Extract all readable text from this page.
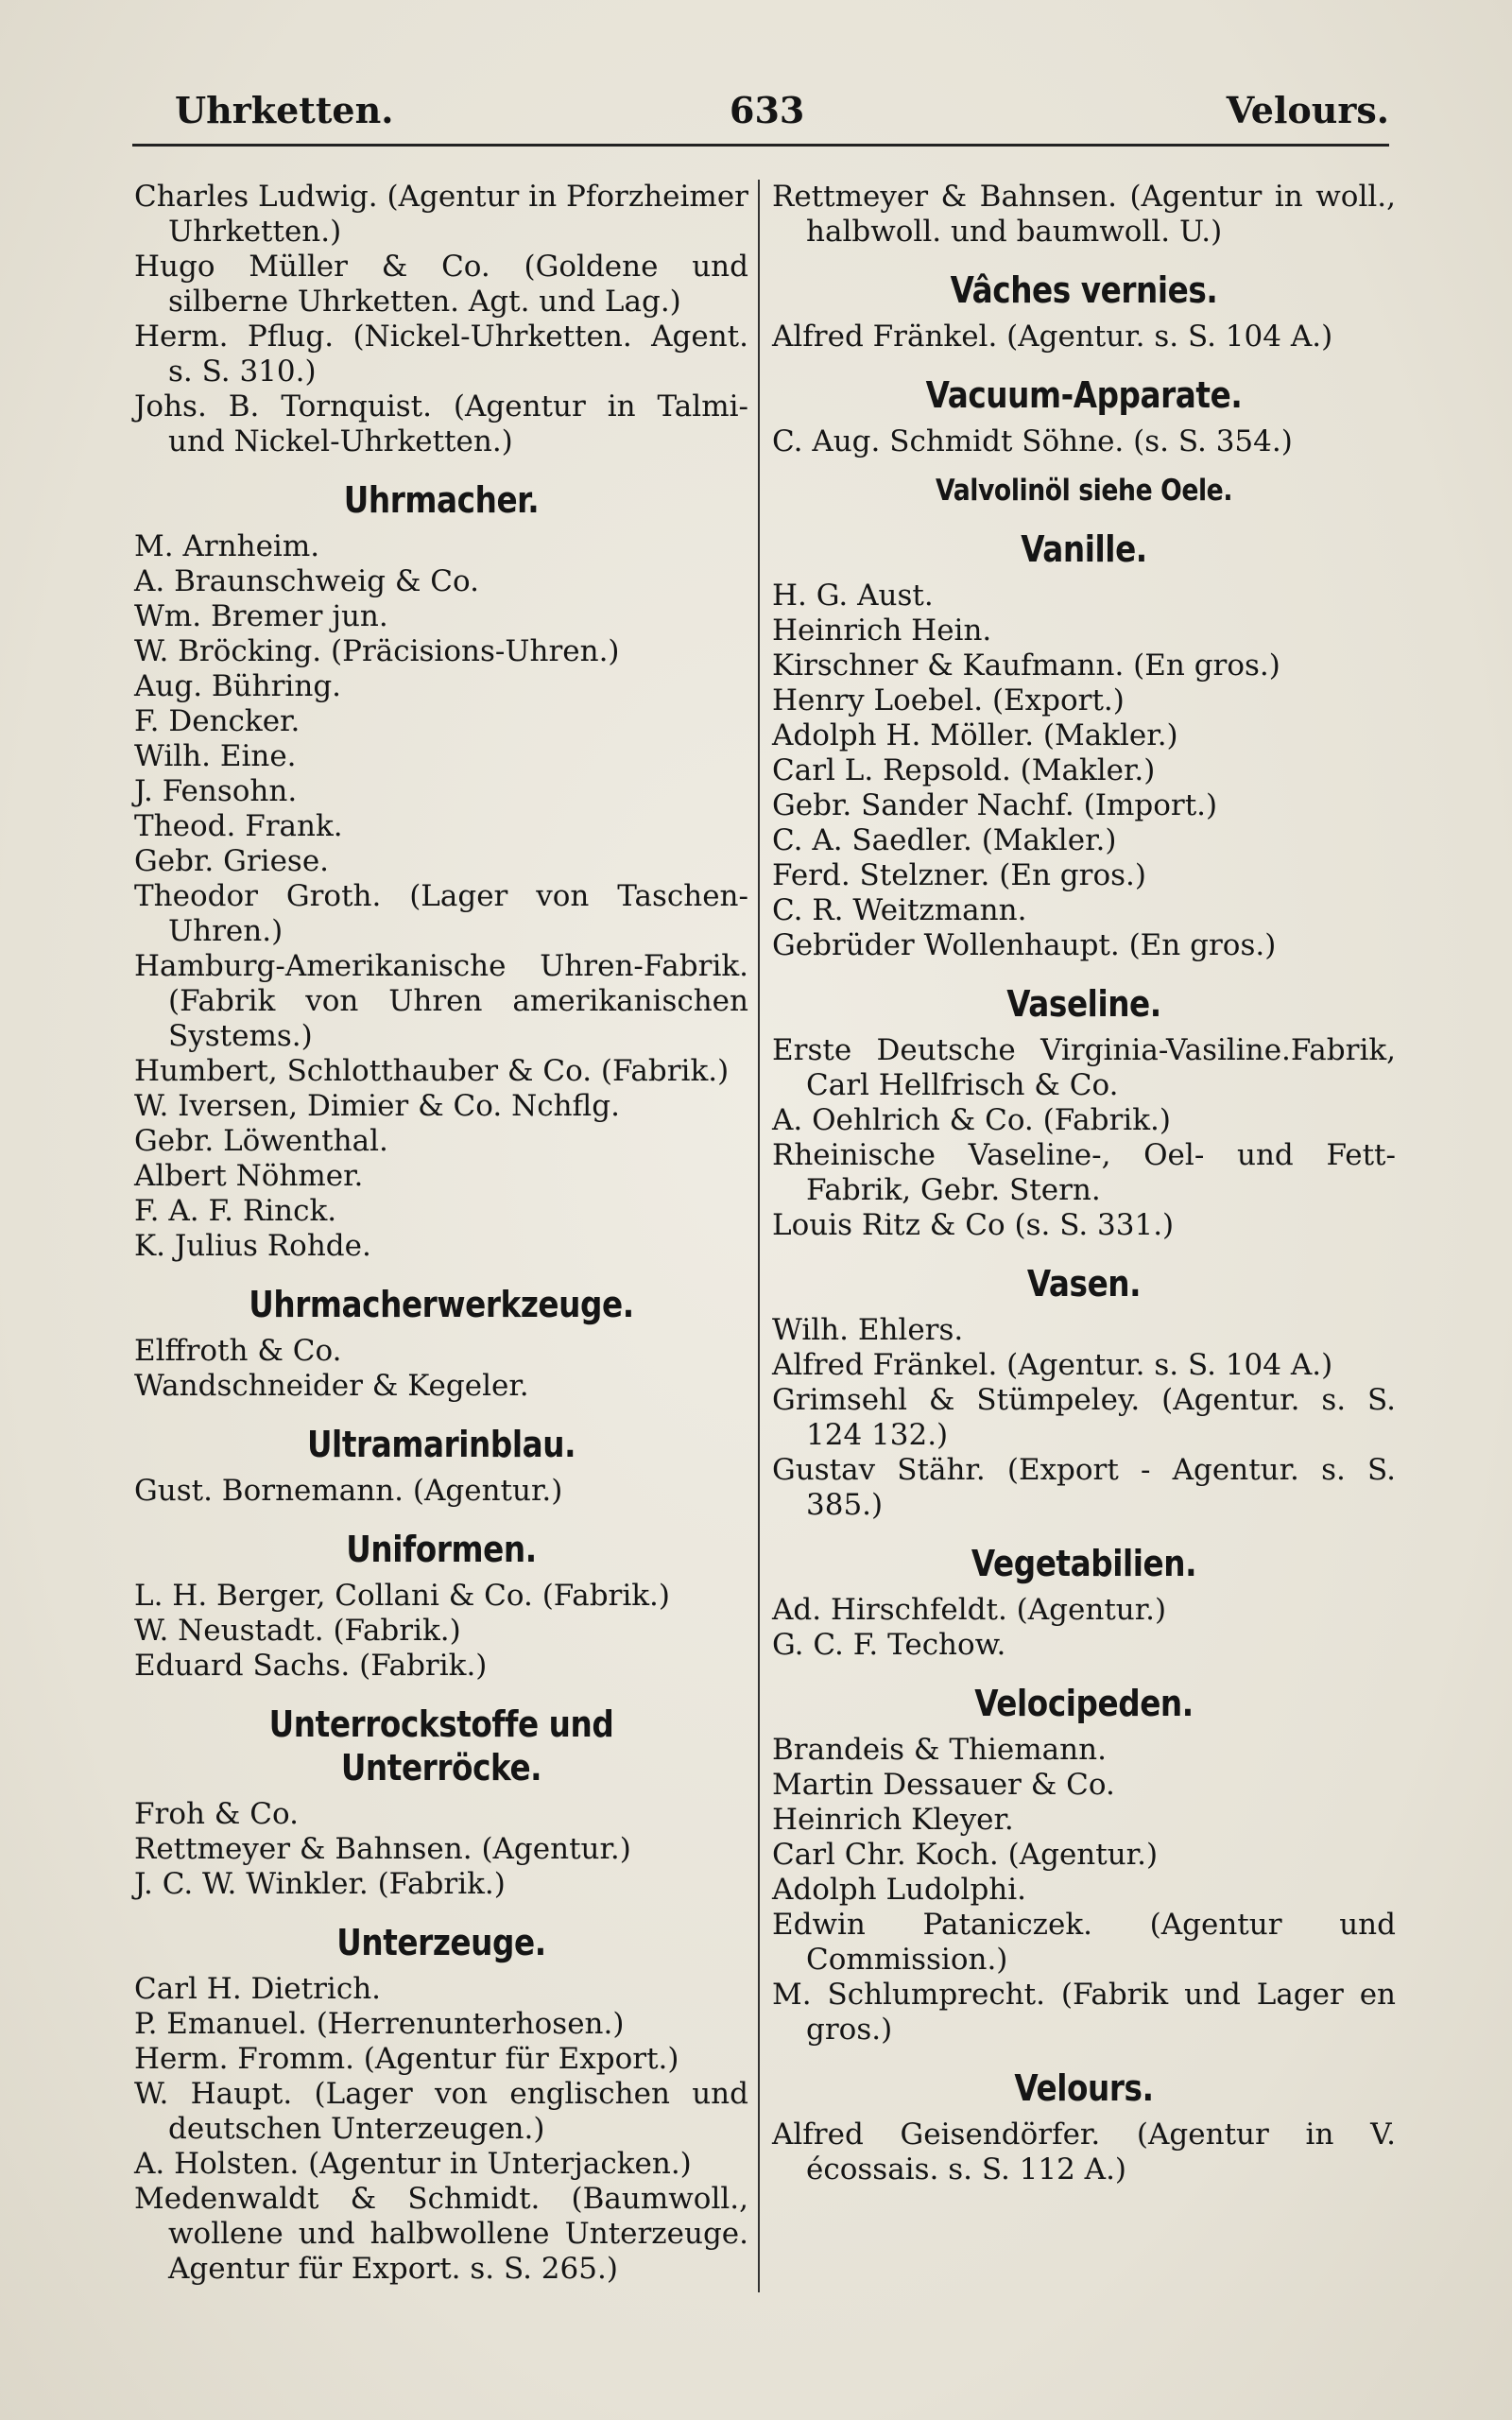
Uhrketten.	633	Velours.
Charles Ludwig. (Agentur in Pforzheimer Uhrketten.)
Hugo Müller & Co. (Goldene und silberne Uhrketten. Agt. und Lag.)
Herm. Pflug. (Nickel-Uhrketten. Agent. s. S. 310.)
Johs. B. Tornquist. (Agentur in Talmi- und Nickel-Uhrketten.)
Uhrmacher.
M. Arnheim.
A. Braunschweig & Co.
Wm. Bremer jun.
W. Bröcking. (Präcisions-Uhren.)
Aug. Bühring.
F. Dencker.
Wilh. Eine.
J. Fensohn.
Theod. Frank.
Gebr. Griese.
Theodor Groth. (Lager von Taschen-Uhren.)
Hamburg-Amerikanische Uhren-Fabrik. (Fabrik von Uhren amerikanischen Systems.)
Humbert, Schlotthauber & Co. (Fabrik.)
W. Iversen, Dimier & Co. Nchflg.
Gebr. Löwenthal.
Albert Nöhmer.
F. A. F. Rinck.
K. Julius Rohde.
Uhrmacherwerkzeuge.
Elffroth & Co.
Wandschneider & Kegeler.
Ultramarinblau.
Gust. Bornemann. (Agentur.)
Uniformen.
L. H. Berger, Collani & Co. (Fabrik.)
W. Neustadt. (Fabrik.)
Eduard Sachs. (Fabrik.)
Unterrockstoffe und Unterröcke.
Froh & Co.
Rettmeyer & Bahnsen. (Agentur.)
J. C. W. Winkler. (Fabrik.)
Unterzeuge.
Carl H. Dietrich.
P. Emanuel. (Herrenunterhosen.)
Herm. Fromm. (Agentur für Export.)
W. Haupt. (Lager von englischen und deutschen Unterzeugen.)
A. Holsten. (Agentur in Unterjacken.)
Medenwaldt & Schmidt. (Baumwoll., wollene und halbwollene Unterzeuge. Agentur für Export. s. S. 265.)
Rettmeyer & Bahnsen. (Agentur in woll., halbwoll. und baumwoll. U.)
Vâches vernies.
Alfred Fränkel. (Agentur. s. S. 104 A.)
Vacuum-Apparate.
C. Aug. Schmidt Söhne. (s. S. 354.)
Valvolinöl siehe Oele.
Vanille.
H. G. Aust.
Heinrich Hein.
Kirschner & Kaufmann. (En gros.)
Henry Loebel. (Export.)
Adolph H. Möller. (Makler.)
Carl L. Repsold. (Makler.)
Gebr. Sander Nachf. (Import.)
C. A. Saedler. (Makler.)
Ferd. Stelzner. (En gros.)
C. R. Weitzmann.
Gebrüder Wollenhaupt. (En gros.)
Vaseline.
Erste Deutsche Virginia-Vasiline.Fabrik, Carl Hellfrisch & Co.
A. Oehlrich & Co. (Fabrik.)
Rheinische Vaseline-, Oel- und Fett-Fabrik, Gebr. Stern.
Louis Ritz & Co (s. S. 331.)
Vasen.
Wilh. Ehlers.
Alfred Fränkel. (Agentur. s. S. 104 A.)
Grimsehl & Stümpeley. (Agentur. s. S. 124 132.)
Gustav Stähr. (Export - Agentur. s. S. 385.)
Vegetabilien.
Ad. Hirschfeldt. (Agentur.)
G. C. F. Techow.
Velocipeden.
Brandeis & Thiemann.
Martin Dessauer & Co.
Heinrich Kleyer.
Carl Chr. Koch. (Agentur.)
Adolph Ludolphi.
Edwin Pataniczek. (Agentur und Commission.)
M. Schlumprecht. (Fabrik und Lager en gros.)
Velours.
Alfred Geisendörfer. (Agentur in V. écossais. s. S. 112 A.)
